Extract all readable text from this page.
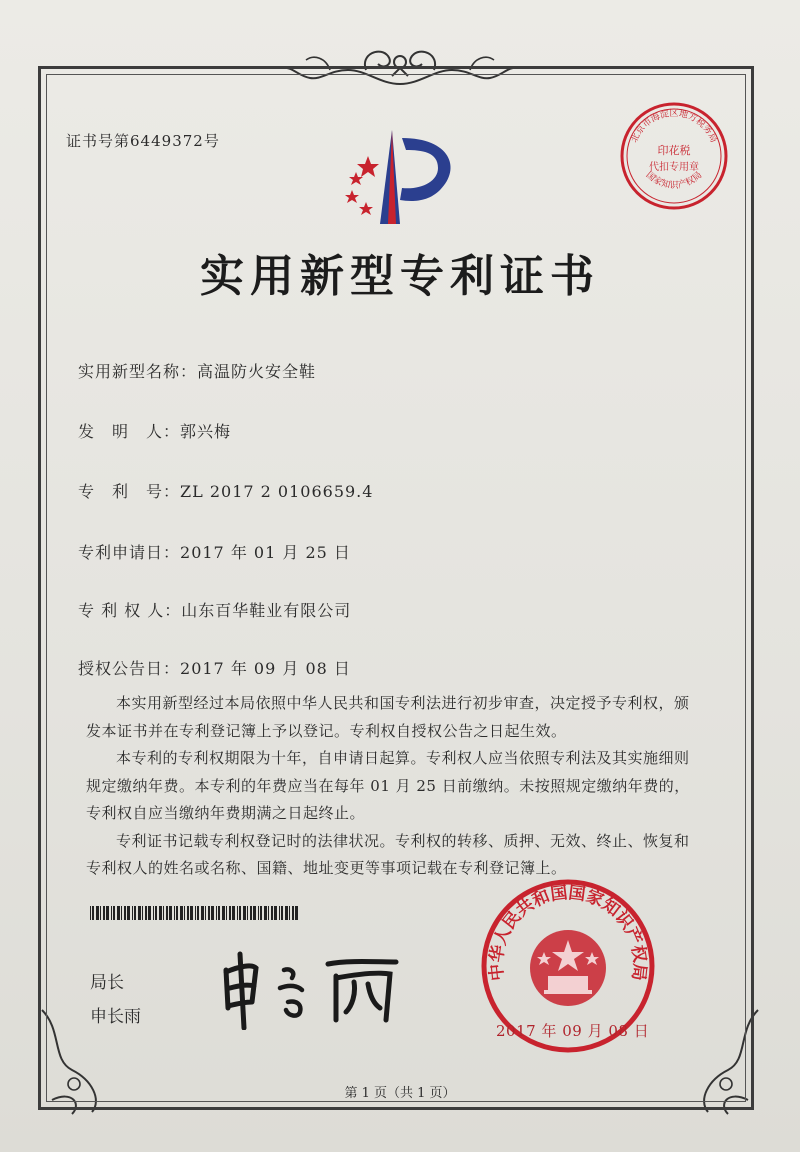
证书号第6449372号	北京市海淀区地方税务局
印花税
代扣专用章
国家知识产权局
实用新型专利证书
实用新型名称：高温防火安全鞋
发　明　人：郭兴梅
专　利　号：ZL 2017 2 0106659.4
专利申请日：2017 年 01 月 25 日
专 利 权 人：山东百华鞋业有限公司
授权公告日：2017 年 09 月 08 日

本实用新型经过本局依照中华人民共和国专利法进行初步审查，决定授予专利权，颁发本证书并在专利登记簿上予以登记。专利权自授权公告之日起生效。

本专利的专利权期限为十年，自申请日起算。专利权人应当依照专利法及其实施细则规定缴纳年费。本专利的年费应当在每年 01 月 25 日前缴纳。未按照规定缴纳年费的，专利权自应当缴纳年费期满之日起终止。

专利证书记载专利权登记时的法律状况。专利权的转移、质押、无效、终止、恢复和专利权人的姓名或名称、国籍、地址变更等事项记载在专利登记簿上。

局长
申长雨
中华人民共和国国家知识产权局
2017 年 09 月 08 日
第 1 页（共 1 页）
